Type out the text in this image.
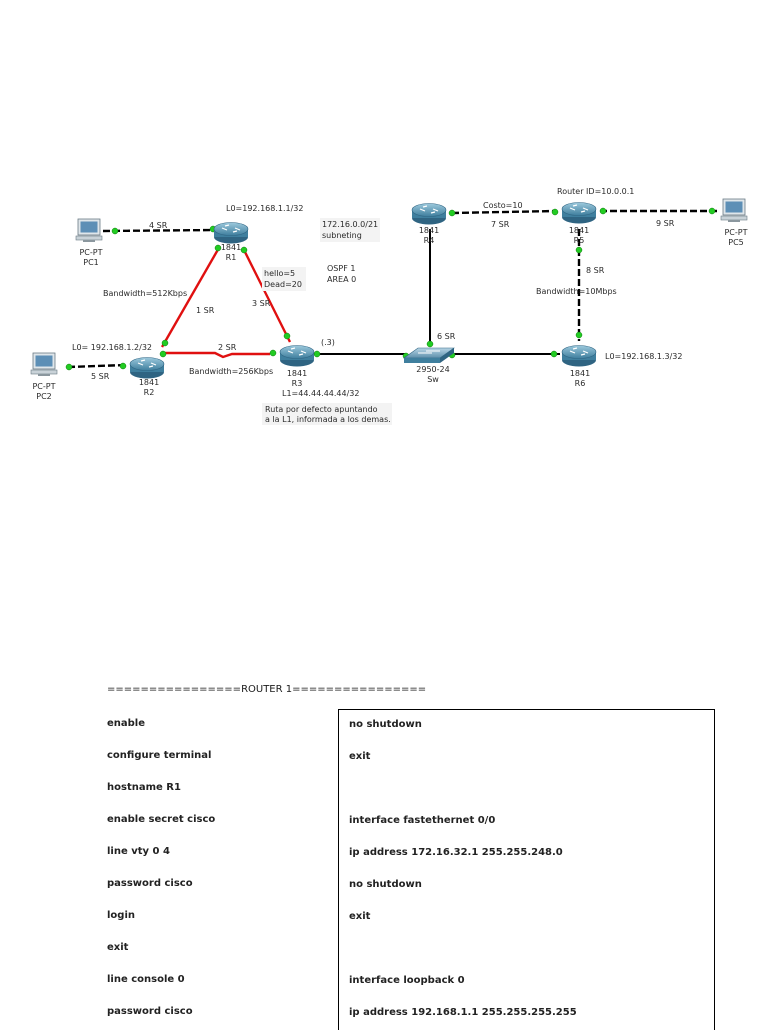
1841
R1
1841
R2
1841
R3
1841
R4
1841
R5
1841
R6
2950-24
Sw
PC-PT
PC1
PC-PT
PC2
PC-PT
PC5
L0=192.168.1.1/32
172.16.0.0/21
subneting
OSPF 1
AREA 0
hello=5
Dead=20
4 SR
Bandwidth=512Kbps
1 SR
3 SR
2 SR
L0= 192.168.1.2/32
5 SR
Bandwidth=256Kbps
(.3)
L1=44.44.44.44/32
Ruta por defecto apuntando
a la L1, informada a los demas.
6 SR
Costo=10
7 SR
Router ID=10.0.0.1
9 SR
8 SR
Bandwidth=10Mbps
L0=192.168.1.3/32
================ROUTER 1================
enable
configure terminal
hostname R1
enable secret cisco
line vty 0 4
password cisco
login
exit
line console 0
password cisco
no shutdown
exit
interface fastethernet 0/0
ip address 172.16.32.1 255.255.248.0
no shutdown
exit
interface loopback 0
ip address 192.168.1.1 255.255.255.255
